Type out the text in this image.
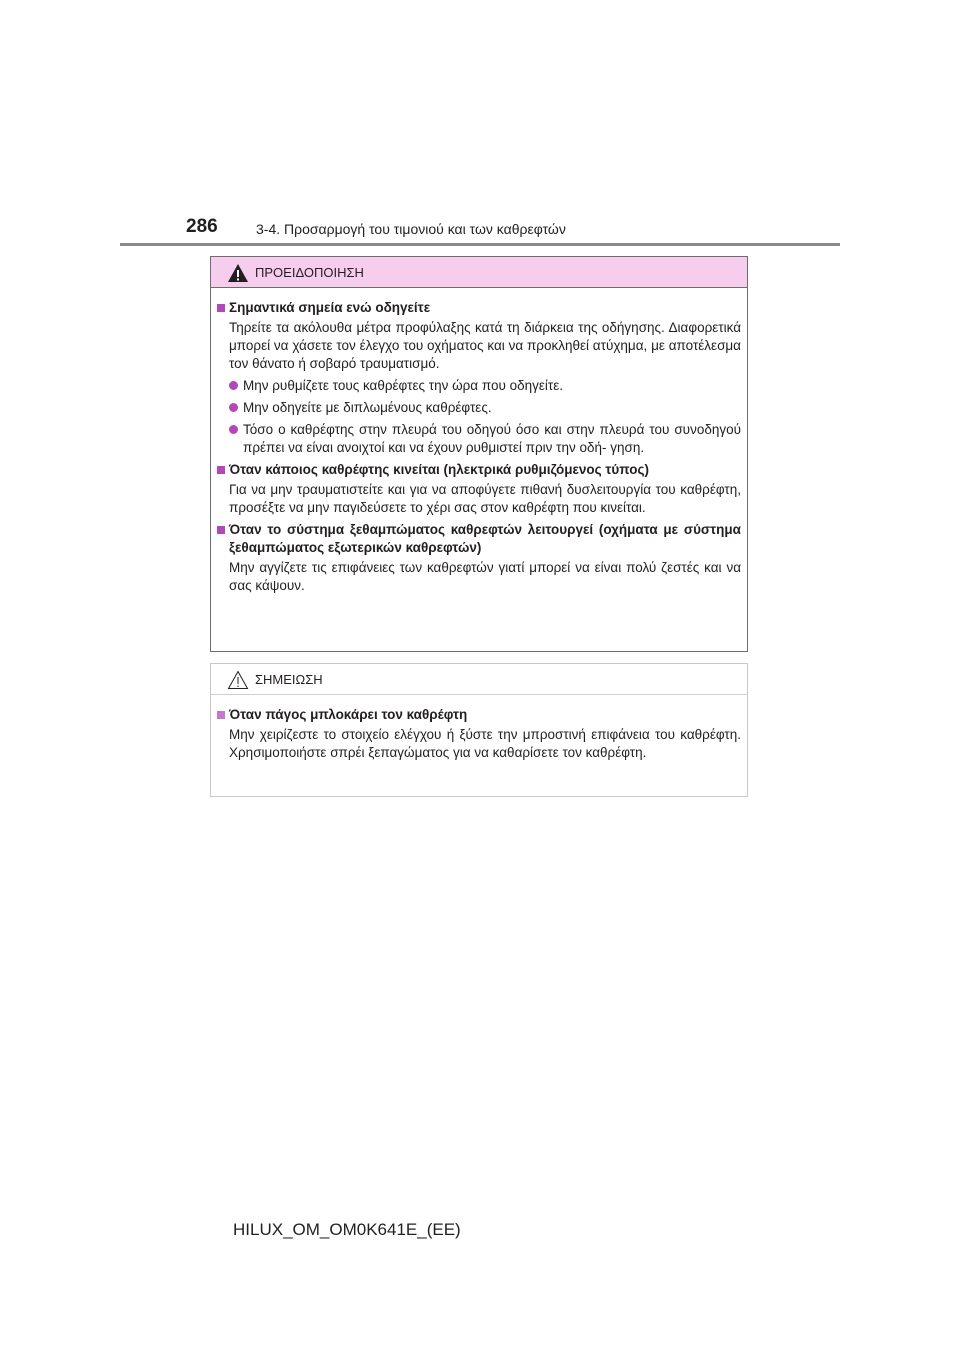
286	3-4. Προσαρμογή του τιμονιού και των καθρεφτών
ΠΡΟΕΙΔΟΠΟΙΗΣΗ
Σημαντικά σημεία ενώ οδηγείτε
Τηρείτε τα ακόλουθα μέτρα προφύλαξης κατά τη διάρκεια της οδήγησης. Διαφορετικά μπορεί να χάσετε τον έλεγχο του οχήματος και να προκληθεί ατύχημα, με αποτέλεσμα τον θάνατο ή σοβαρό τραυματισμό.
Μην ρυθμίζετε τους καθρέφτες την ώρα που οδηγείτε.
Μην οδηγείτε με διπλωμένους καθρέφτες.
Τόσο ο καθρέφτης στην πλευρά του οδηγού όσο και στην πλευρά του συνοδηγού πρέπει να είναι ανοιχτοί και να έχουν ρυθμιστεί πριν την οδή- γηση.
Όταν κάποιος καθρέφτης κινείται (ηλεκτρικά ρυθμιζόμενος τύπος)
Για να μην τραυματιστείτε και για να αποφύγετε πιθανή δυσλειτουργία του καθρέφτη, προσέξτε να μην παγιδεύσετε το χέρι σας στον καθρέφτη που κινείται.
Όταν το σύστημα ξεθαμπώματος καθρεφτών λειτουργεί (οχήματα με σύστημα ξεθαμπώματος εξωτερικών καθρεφτών)
Μην αγγίζετε τις επιφάνειες των καθρεφτών γιατί μπορεί να είναι πολύ ζεστές και να σας κάψουν.
ΣΗΜΕΙΩΣΗ
Όταν πάγος μπλοκάρει τον καθρέφτη
Μην χειρίζεστε το στοιχείο ελέγχου ή ξύστε την μπροστινή επιφάνεια του καθρέφτη. Χρησιμοποιήστε σπρέι ξεπαγώματος για να καθαρίσετε τον καθρέφτη.
HILUX_OM_OM0K641E_(EE)
